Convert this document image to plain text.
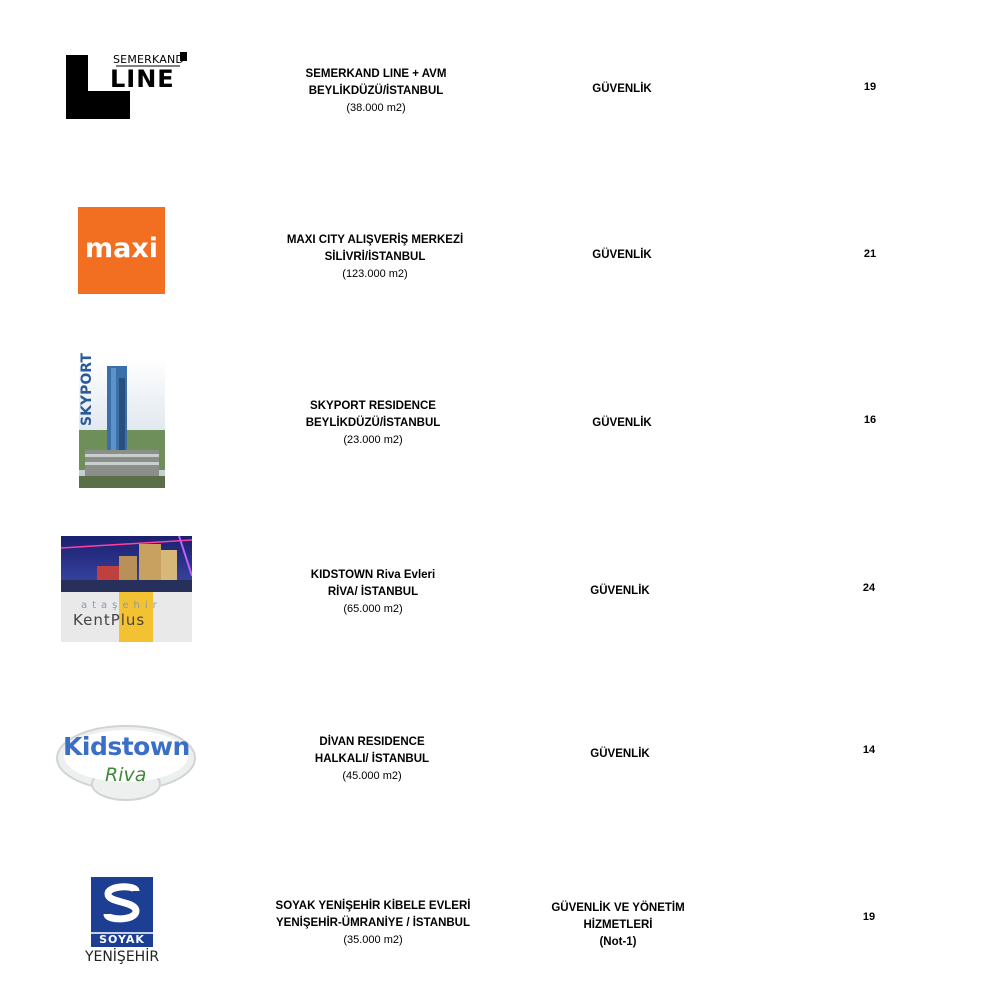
SEMERKAND
LINE	SEMERKAND LINE + AVM
BEYLİKDÜZÜ/İSTANBUL
(38.000 m2)
GÜVENLİK	19
maxi	MAXI CITY ALIŞVERİŞ MERKEZİ
SİLİVRİ/İSTANBUL
(123.000 m2)
GÜVENLİK	21
SKYPORT	SKYPORT RESIDENCE
BEYLİKDÜZÜ/İSTANBUL
(23.000 m2)
GÜVENLİK	16
ataşehir
KentPlus
KIDSTOWN Riva Evleri
RİVA/ İSTANBUL
(65.000 m2)
GÜVENLİK	24
Kidstown
Riva
DİVAN RESIDENCE
HALKALI/ İSTANBUL
(45.000 m2)
GÜVENLİK	14
SOYAK
YENİŞEHİR
SOYAK YENİŞEHİR KİBELE EVLERİ
YENİŞEHİR-ÜMRANİYE / İSTANBUL
(35.000 m2)
GÜVENLİK VE YÖNETİM
HİZMETLERİ
(Not-1)
19
